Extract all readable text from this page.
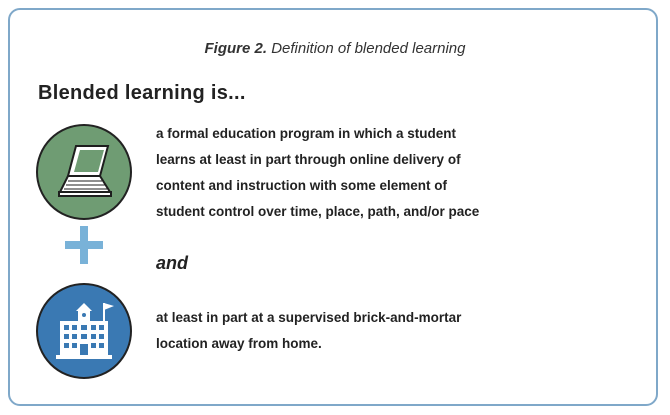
Figure 2. Definition of blended learning
Blended learning is...
a formal education program in which a student
learns at least in part through online delivery of
content and instruction with some element of
student control over time, place, path, and/or pace
and
at least in part at a supervised brick-and-mortar
location away from home.
